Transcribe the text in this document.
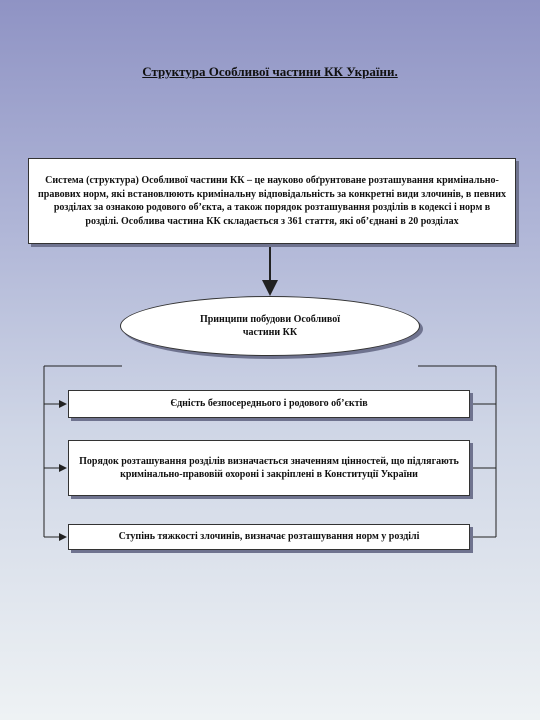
Структура Особливої частини КК України.
Система (структура) Особливої частини КК – це науково обґрунтоване розташування кримінально-правових норм, які встановлюють кримінальну відповідальність за конкретні види злочинів, в певних розділах за ознакою родового об’єкта, а також порядок розташування розділів в кодексі і норм в розділі. Особлива частина КК складається з 361 стаття, які об’єднані в 20 розділах
Принципи побудови Особливої частини КК
Єдність безпосереднього і родового об’єктів
Порядок розташування розділів визначається значенням цінностей, що підлягають кримінально-правовій охороні і закріплені в Конституції України
Ступінь тяжкості злочинів, визначає розташування норм у розділі
